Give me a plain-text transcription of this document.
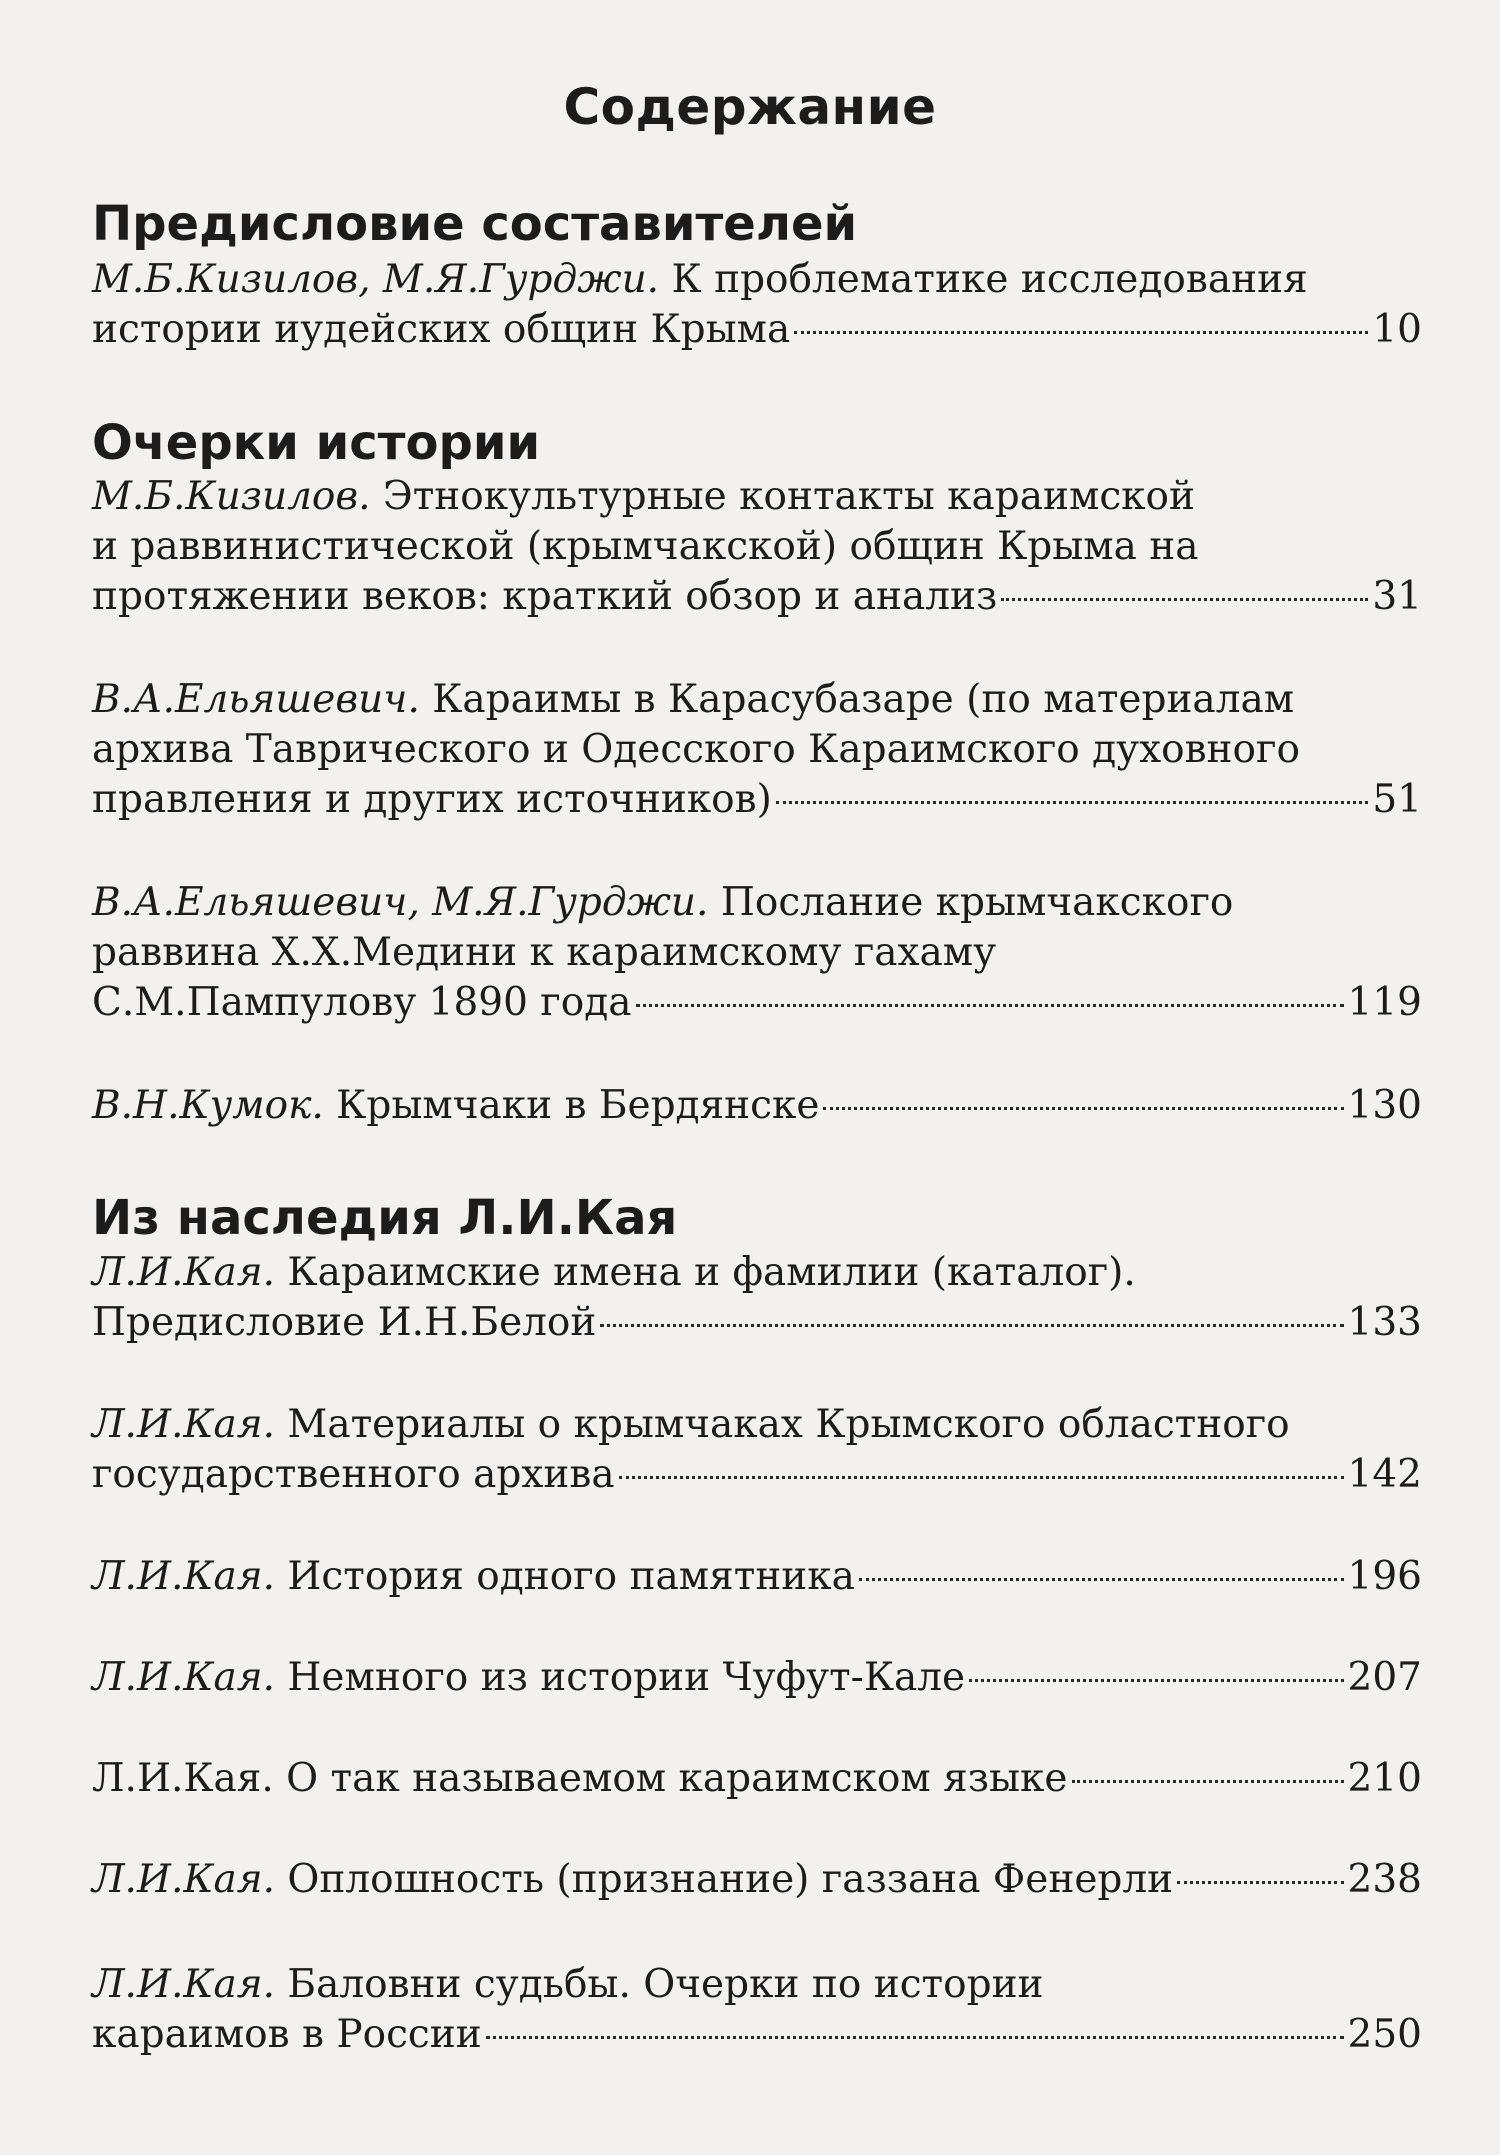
Содержание
Предисловие составителей
М.Б.Кизилов, М.Я.Гурджи. К проблематике исследования
истории иудейских общин Крыма	10
Очерки истории
М.Б.Кизилов. Этнокультурные контакты караимской
и раввинистической (крымчакской) общин Крыма на
протяжении веков: краткий обзор и анализ	31
В.А.Ельяшевич. Караимы в Карасубазаре (по материалам
архива Таврического и Одесского Караимского духовного
правления и других источников)	51
В.А.Ельяшевич, М.Я.Гурджи. Послание крымчакского
раввина Х.Х.Медини к караимскому гахаму
С.М.Пампулову 1890 года	119
В.Н.Кумок. Крымчаки в Бердянске	130
Из наследия Л.И.Кая
Л.И.Кая. Караимские имена и фамилии (каталог).
Предисловие И.Н.Белой	133
Л.И.Кая. Материалы о крымчаках Крымского областного
государственного архива	142
Л.И.Кая. История одного памятника	196
Л.И.Кая. Немного из истории Чуфут-Кале	207
Л.И.Кая. О так называемом караимском языке	210
Л.И.Кая. Оплошность (признание) газзана Фенерли	238
Л.И.Кая. Баловни судьбы. Очерки по истории
караимов в России	250
